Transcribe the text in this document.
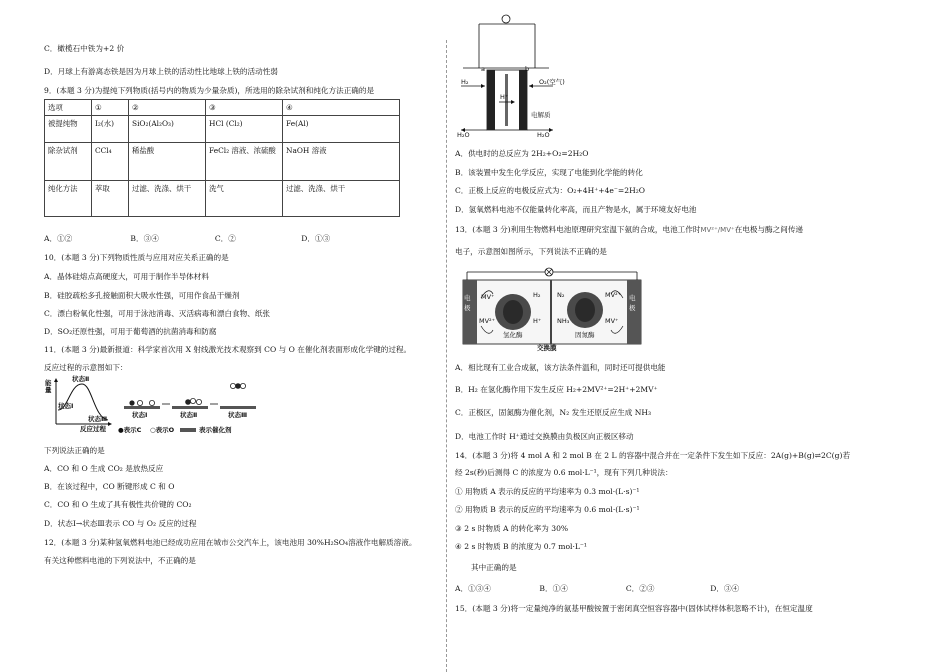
C．橄榄石中铁为+2 价
D．月球上有游离态铁是因为月球上铁的活动性比地球上铁的活动性弱
9．(本题 3 分)为提纯下列物质(括号内的物质为少量杂质)，所选用的除杂试剂和纯化方法正确的是
选项	①	②	③	④
被提纯物	I₂(水)	SiO₂(Al₂O₃)	HCl (Cl₂)	Fe(Al)
除杂试剂	CCl₄	稀盐酸	FeCl₂ 溶液、浓硫酸	NaOH 溶液
纯化方法	萃取	过滤、洗涤、烘干	洗气	过滤、洗涤、烘干
A．①②	B．③④	C．②	D．①③
10．(本题 3 分)下列物质性质与应用对应关系正确的是
A．晶体硅熔点高硬度大，可用于制作半导体材料
B．硅胶疏松多孔接触面积大吸水性强，可用作食品干燥剂
C．漂白粉氧化性强，可用于泳池消毒、灭活病毒和漂白食物、纸张
D．SO₂还原性强，可用于葡萄酒的抗菌消毒和防腐
11．(本题 3 分)最新报道：科学家首次用 X 射线激光技术观察到 CO 与 O 在催化剂表面形成化学键的过程。
反应过程的示意图如下：
能量
状态Ⅱ
状态Ⅰ
状态Ⅲ
反应过程
状态Ⅰ	状态Ⅱ	状态Ⅲ
●表示C ○表示O	表示催化剂
下列说法正确的是
A．CO 和 O 生成 CO₂ 是放热反应
B．在该过程中，CO 断键形成 C 和 O
C．CO 和 O 生成了具有极性共价键的 CO₂
D．状态Ⅰ→状态Ⅲ表示 CO 与 O₂ 反应的过程
12．(本题 3 分)某种氢氧燃料电池已经成功应用在城市公交汽车上，该电池用 30%H₂SO₄溶液作电解质溶液。
有关这种燃料电池的下列说法中，不正确的是
a	b
H₂	O₂(空气)
H⁺
电解质
H₂O	H₂O
A．供电时的总反应为 2H₂+O₂=2H₂O
B．该装置中发生化学反应，实现了电能到化学能的转化
C．正极上反应的电极反应式为：O₂+4H⁺+4e⁻=2H₂O
D．氢氧燃料电池不仅能量转化率高，而且产物是水，属于环境友好电池
13．(本题 3 分)利用生物燃料电池原理研究室温下氨的合成，电池工作时MV²⁺/MV⁺在电极与酶之间传递
电子，示意图如图所示，下列说法不正确的是
电极
电极
MV⁺
MV²⁺
H₂
H⁺
氢化酶
N₂
NH₃
固氮酶
MV²⁺
MV⁺
交换膜
A．相比现有工业合成氨，该方法条件温和，同时还可提供电能
B．H₂ 在氢化酶作用下发生反应 H₂+2MV²⁺=2H⁺+2MV⁺
C．正极区，固氮酶为催化剂，N₂ 发生还原反应生成 NH₃
D．电池工作时 H⁺通过交换膜由负极区向正极区移动
14．(本题 3 分)将 4 mol A 和 2 mol B 在 2 L 的容器中混合并在一定条件下发生如下反应：2A(g)+B(g)⇌2C(g)若
经 2s(秒)后测得 C 的浓度为 0.6 mol·L⁻¹，现有下列几种说法：
① 用物质 A 表示的反应的平均速率为 0.3 mol·(L·s)⁻¹
② 用物质 B 表示的反应的平均速率为 0.6 mol·(L·s)⁻¹
③ 2 s 时物质 A 的转化率为 30%
④ 2 s 时物质 B 的浓度为 0.7 mol·L⁻¹
其中正确的是
A．①③④	B．①④	C．②③	D．③④
15．(本题 3 分)将一定量纯净的氨基甲酸铵置于密闭真空恒容容器中(固体试样体积忽略不计)，在恒定温度
